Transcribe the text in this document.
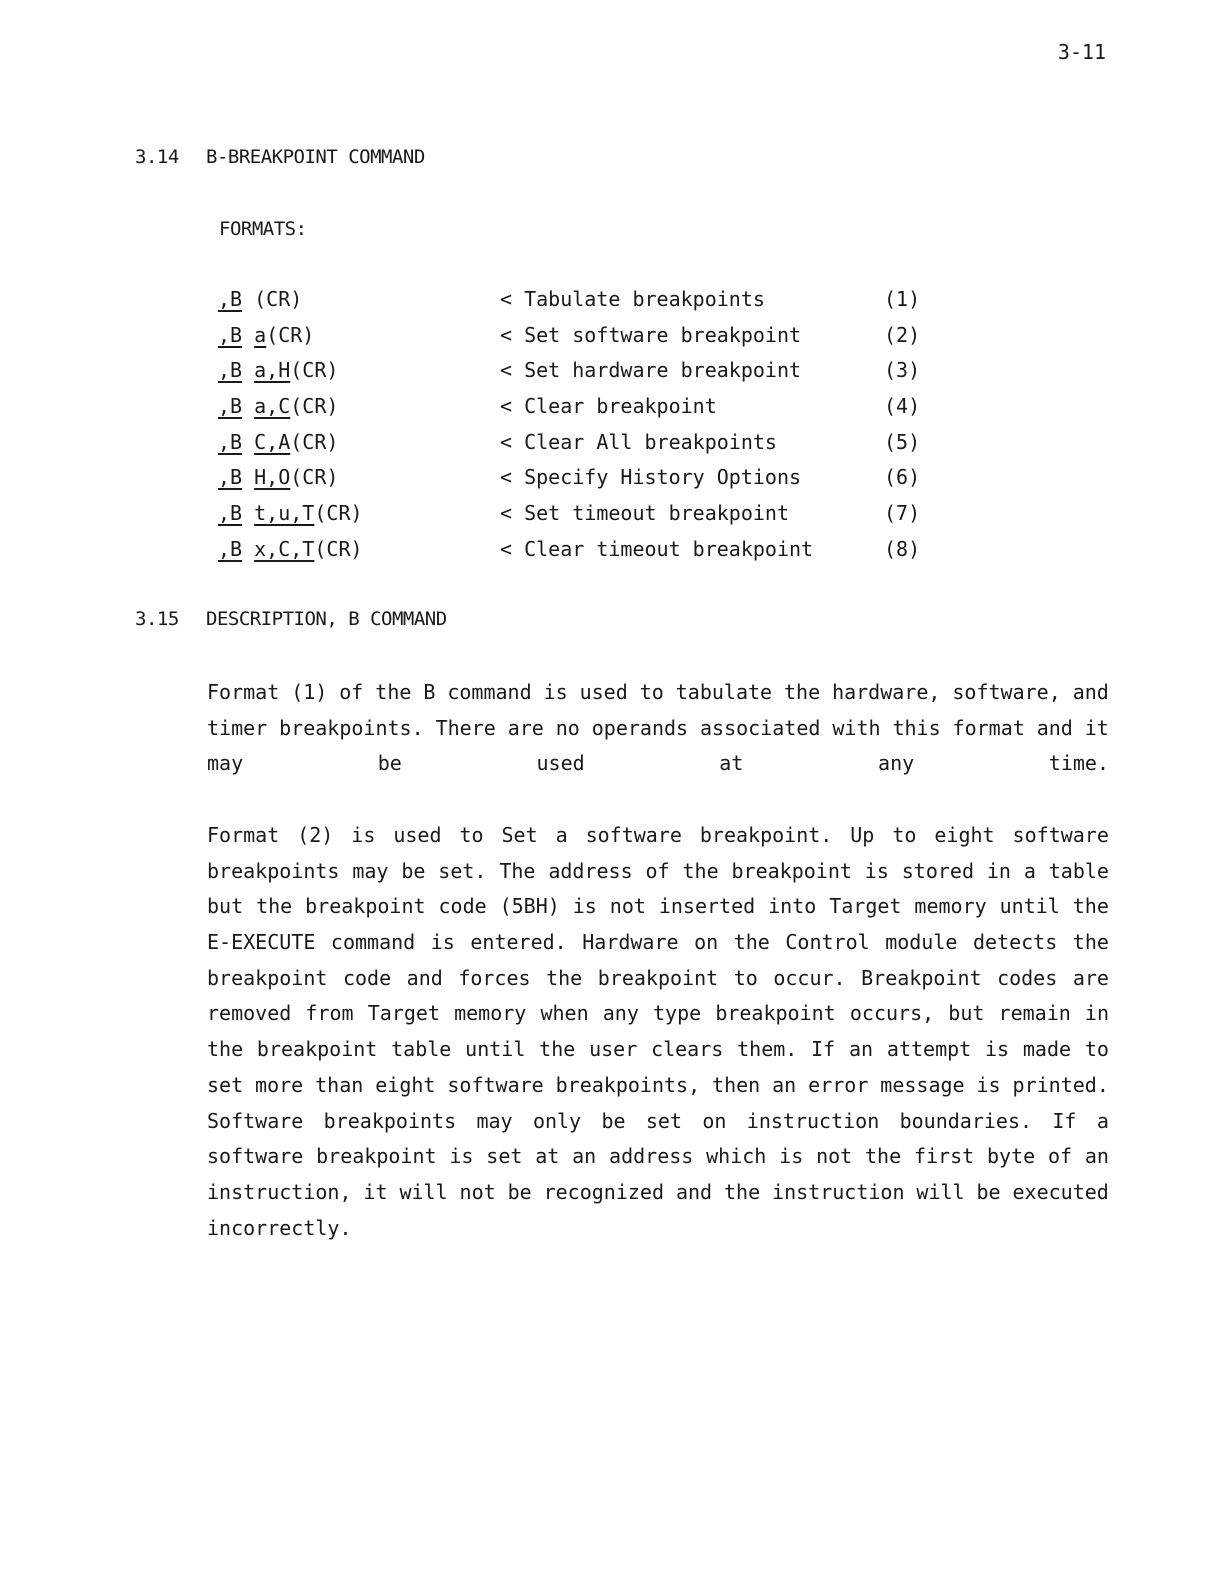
3-11
3.14 B-BREAKPOINT COMMAND
FORMATS:
,B (CR)	< Tabulate breakpoints	(1)
,B a(CR)	< Set software breakpoint	(2)
,B a,H(CR)	< Set hardware breakpoint	(3)
,B a,C(CR)	< Clear breakpoint	(4)
,B C,A(CR)	< Clear All breakpoints	(5)
,B H,O(CR)	< Specify History Options	(6)
,B t,u,T(CR)	< Set timeout breakpoint	(7)
,B x,C,T(CR)	< Clear timeout breakpoint	(8)
3.15 DESCRIPTION, B COMMAND
Format (1) of the B command is used to tabulate the hardware, software, and
timer breakpoints. There are no operands associated with this format and it
may be used at any time.
Format (2) is used to Set a software breakpoint. Up to eight software
breakpoints may be set. The address of the breakpoint is stored in a table
but the breakpoint code (5BH) is not inserted into Target memory until the
E-EXECUTE command is entered. Hardware on the Control module detects the
breakpoint code and forces the breakpoint to occur. Breakpoint codes are
removed from Target memory when any type breakpoint occurs, but remain in
the breakpoint table until the user clears them. If an attempt is made to
set more than eight software breakpoints, then an error message is printed.
Software breakpoints may only be set on instruction boundaries. If a
software breakpoint is set at an address which is not the first byte of an
instruction, it will not be recognized and the instruction will be executed
incorrectly.
